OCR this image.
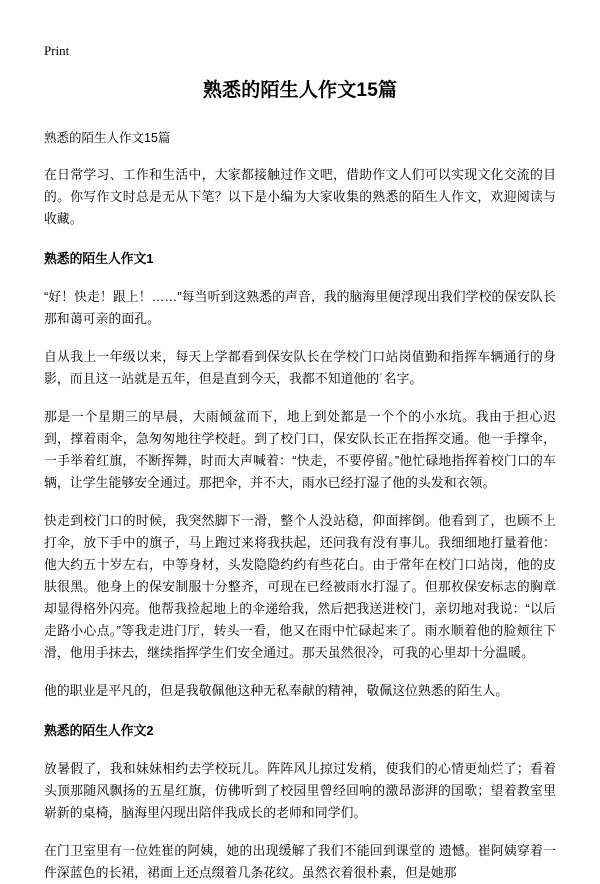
Print
熟悉的陌生人作文15篇
熟悉的陌生人作文15篇

在日常学习、工作和生活中，大家都接触过作文吧，借助作文人们可以实现文化交流的目的。你写作文时总是无从下笔？以下是小编为大家收集的熟悉的陌生人作文，欢迎阅读与收藏。

熟悉的陌生人作文1

“好！快走！跟上！……”每当听到这熟悉的声音，我的脑海里便浮现出我们学校的保安队长那和蔼可亲的面孔。

自从我上一年级以来，每天上学都看到保安队长在学校门口站岗值勤和指挥车辆通行的身影，而且这一站就是五年，但是直到今天，我都不知道他的˙名字。

那是一个星期三的早晨，大雨倾盆而下，地上到处都是一个个的小水坑。我由于担心迟到，撑着雨伞，急匆匆地往学校赶。到了校门口，保安队长正在指挥交通。他一手撑伞，一手举着红旗，不断挥舞，时而大声喊着：“快走，不要停留。”他忙碌地指挥着校门口的车辆，让学生能够安全通过。那把伞，并不大，雨水已经打湿了他的头发和衣领。

快走到校门口的时候，我突然脚下一滑，整个人没站稳，仰面摔倒。他看到了，也顾不上打伞，放下手中的旗子，马上跑过来将我扶起，还问我有没有事儿。我细细地打量着他：他大约五十岁左右，中等身材，头发隐隐约约有些花白。由于常年在校门口站岗，他的皮肤很黑。他身上的保安制服十分整齐，可现在已经被雨水打湿了。但那枚保安标志的胸章却显得格外闪亮。他帮我捡起地上的伞递给我，然后把我送进校门，亲切地对我说：“以后走路小心点。”等我走进门厅，转头一看，他又在雨中忙碌起来了。雨水顺着他的脸颊往下滑，他用手抹去，继续指挥学生们安全通过。那天虽然很冷，可我的心里却十分温暖。

他的职业是平凡的，但是我敬佩他这种无私奉献的精神，敬佩这位熟悉的陌生人。

熟悉的陌生人作文2

放暑假了，我和妹妹相约去学校玩儿。阵阵风儿掠过发梢，使我们的心情更灿烂了；看着头顶那随风飘扬的五星红旗，仿佛听到了校园里曾经回响的激昂澎湃的国歌；望着教室里崭新的桌椅，脑海里闪现出陪伴我成长的老师和同学们。

在门卫室里有一位姓崔的阿姨，她的出现缓解了我们不能回到课堂的 遗憾。崔阿姨穿着一件深蓝色的长裙，裙面上还点缀着几条花纹。虽然衣着很朴素，但是她那
